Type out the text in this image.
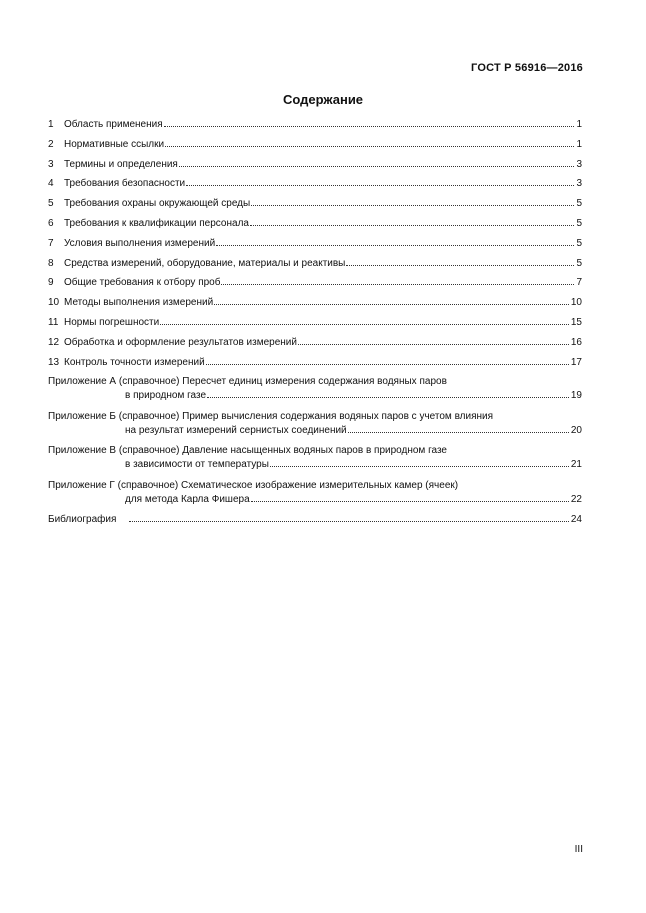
ГОСТ Р 56916—2016
Содержание
1	Область применения	1
2	Нормативные ссылки	1
3	Термины и определения	3
4	Требования безопасности	3
5	Требования охраны окружающей среды	5
6	Требования к квалификации персонала	5
7	Условия выполнения измерений	5
8	Средства измерений, оборудование, материалы и реактивы	5
9	Общие требования к отбору проб	7
10 Методы выполнения измерений	10
11 Нормы погрешности	15
12 Обработка и оформление результатов измерений	16
13 Контроль точности измерений	17
Приложение А (справочное) Пересчет единиц измерения содержания водяных паров
в природном газе	19
Приложение Б (справочное) Пример вычисления содержания водяных паров с учетом влияния
на результат измерений сернистых соединений	20
Приложение В (справочное) Давление насыщенных водяных паров в природном газе
в зависимости от температуры	21
Приложение Г (справочное) Схематическое изображение измерительных камер (ячеек)
для метода Карла Фишера	22
Библиография	24
III
